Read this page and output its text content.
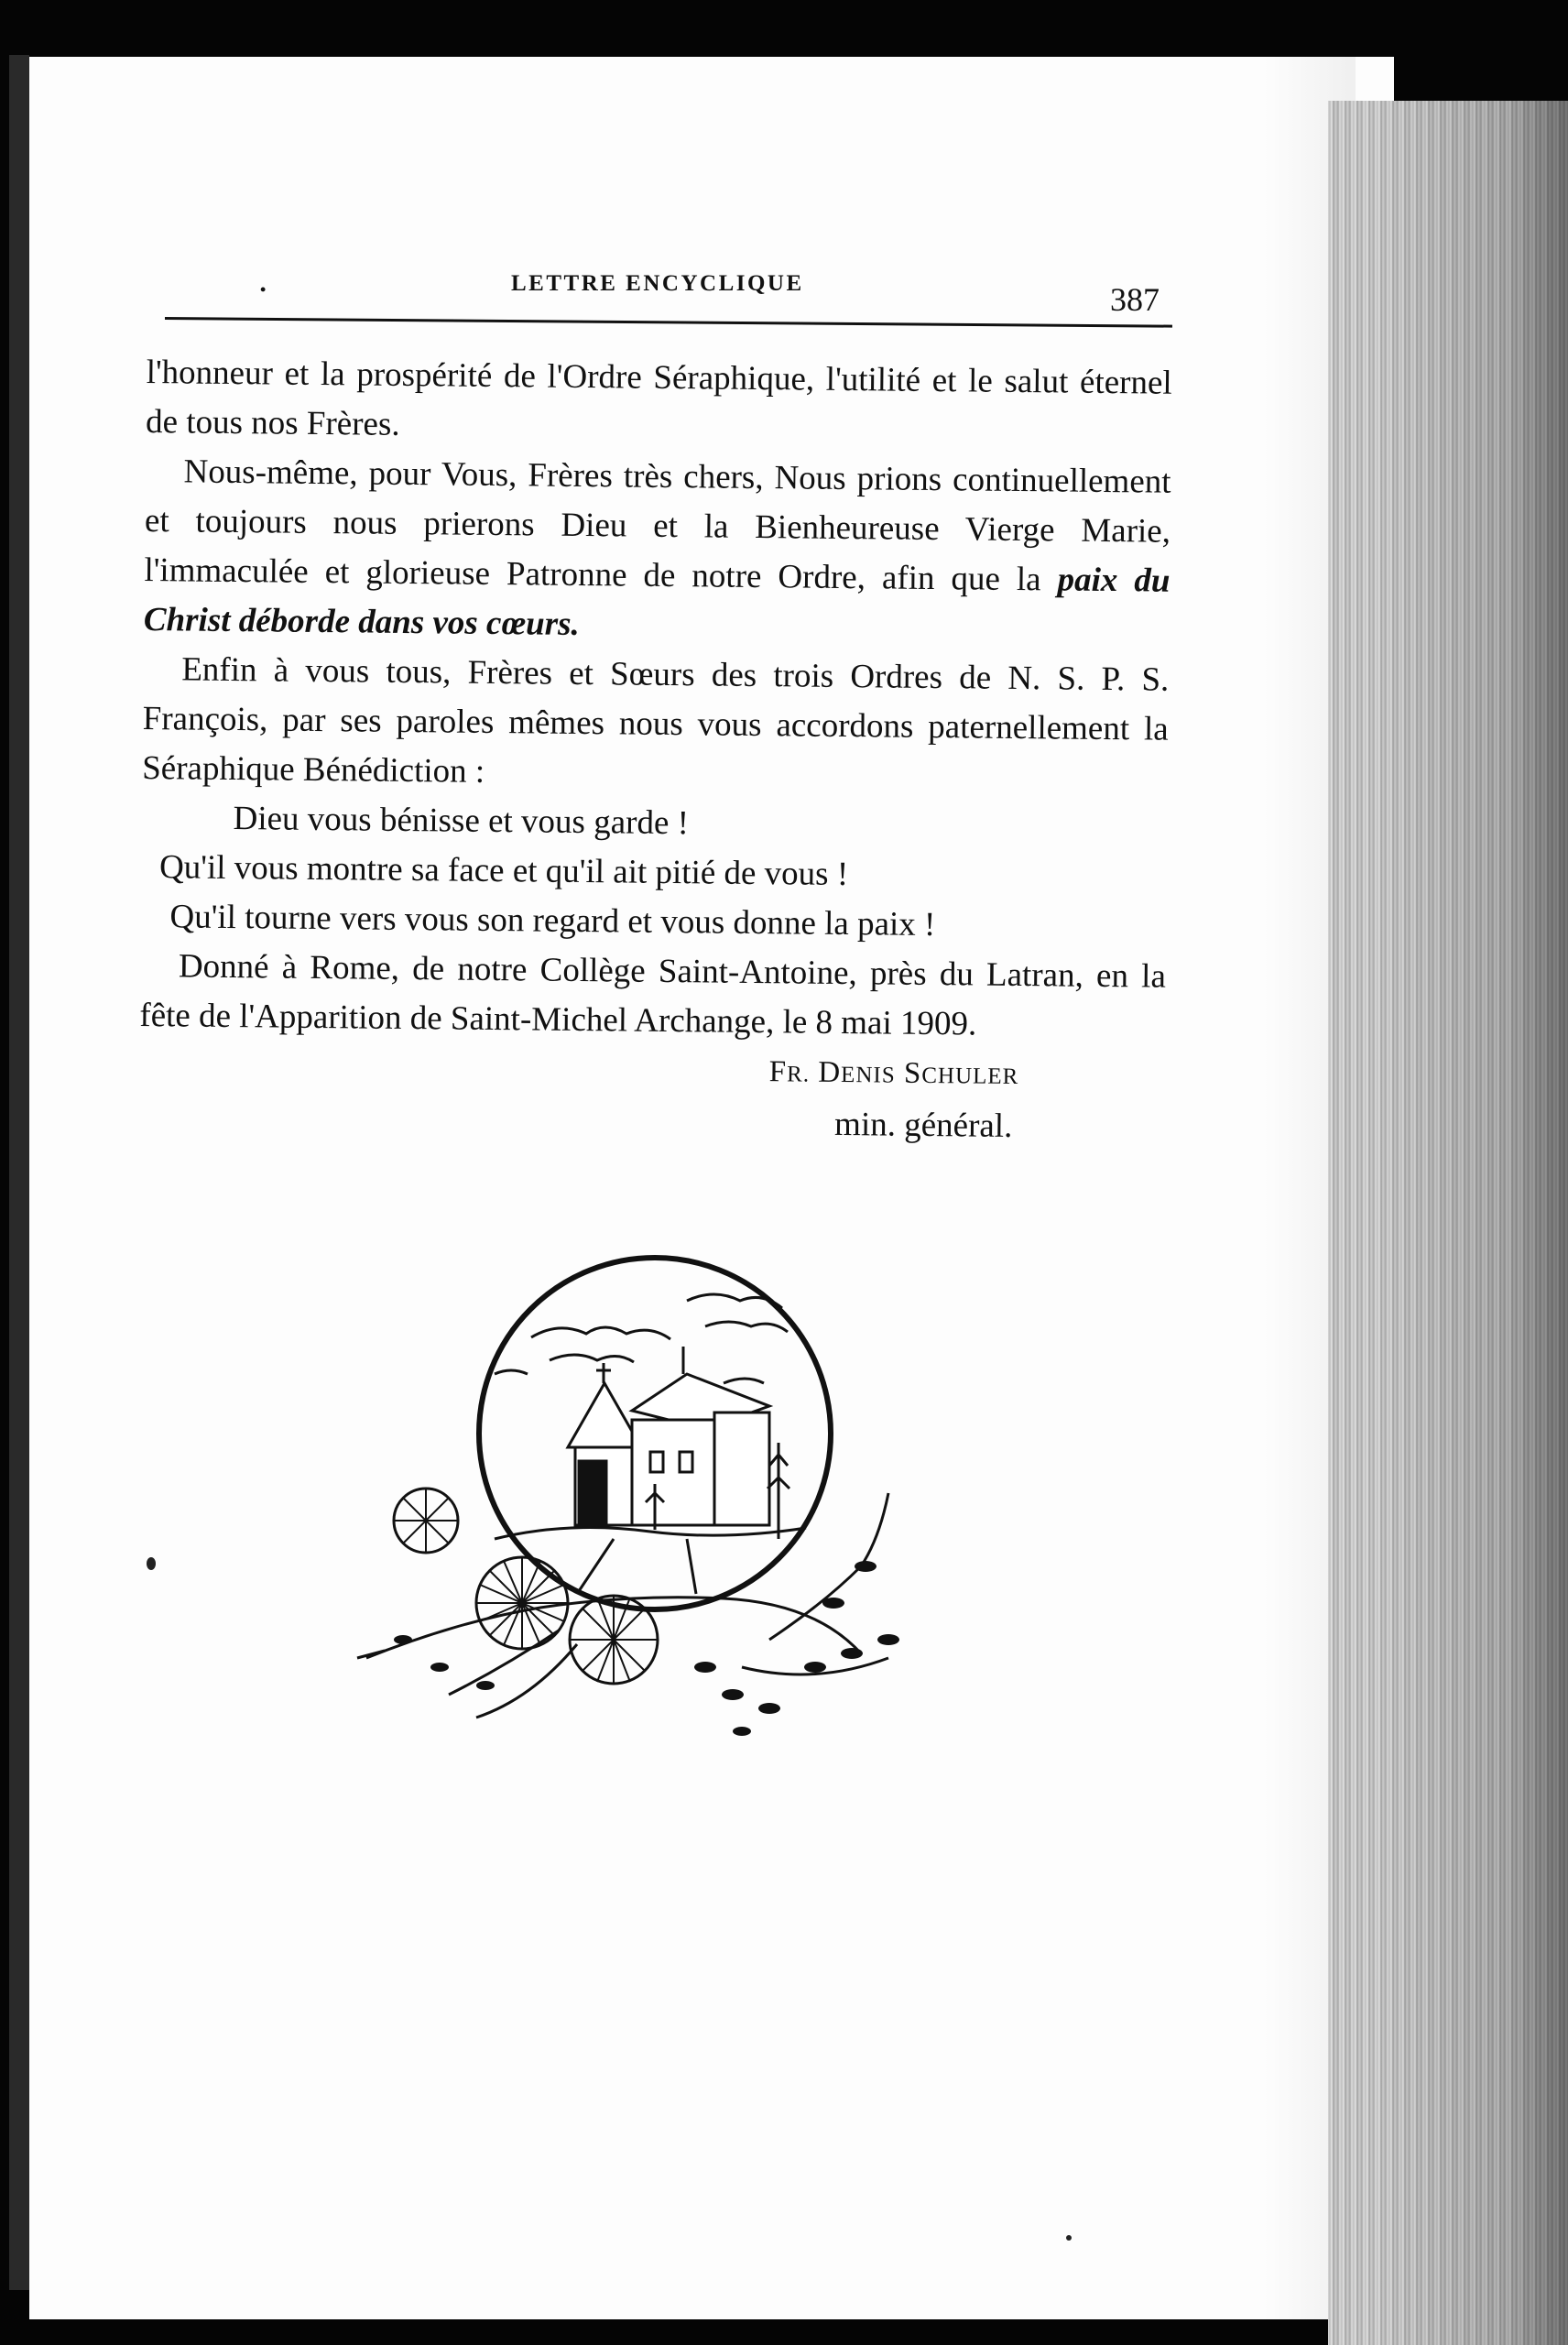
•	LETTRE ENCYCLIQUE	387

l'honneur et la prospérité de l'Ordre Séraphique, l'utilité et le salut éternel de tous nos Frères.

Nous-même, pour Vous, Frères très chers, Nous prions continuellement et toujours nous prierons Dieu et la Bienheureuse Vierge Marie, l'immaculée et glorieuse Patronne de notre Ordre, afin que la paix du Christ déborde dans vos cœurs.

Enfin à vous tous, Frères et Sœurs des trois Ordres de N. S. P. S. François, par ses paroles mêmes nous vous accordons paternellement la Séraphique Bénédiction :

Dieu vous bénisse et vous garde !

Qu'il vous montre sa face et qu'il ait pitié de vous !

Qu'il tourne vers vous son regard et vous donne la paix !

Donné à Rome, de notre Collège Saint-Antoine, près du Latran, en la fête de l'Apparition de Saint-Michel Archange, le 8 mai 1909.

FR. DENIS SCHULER

min. général.
